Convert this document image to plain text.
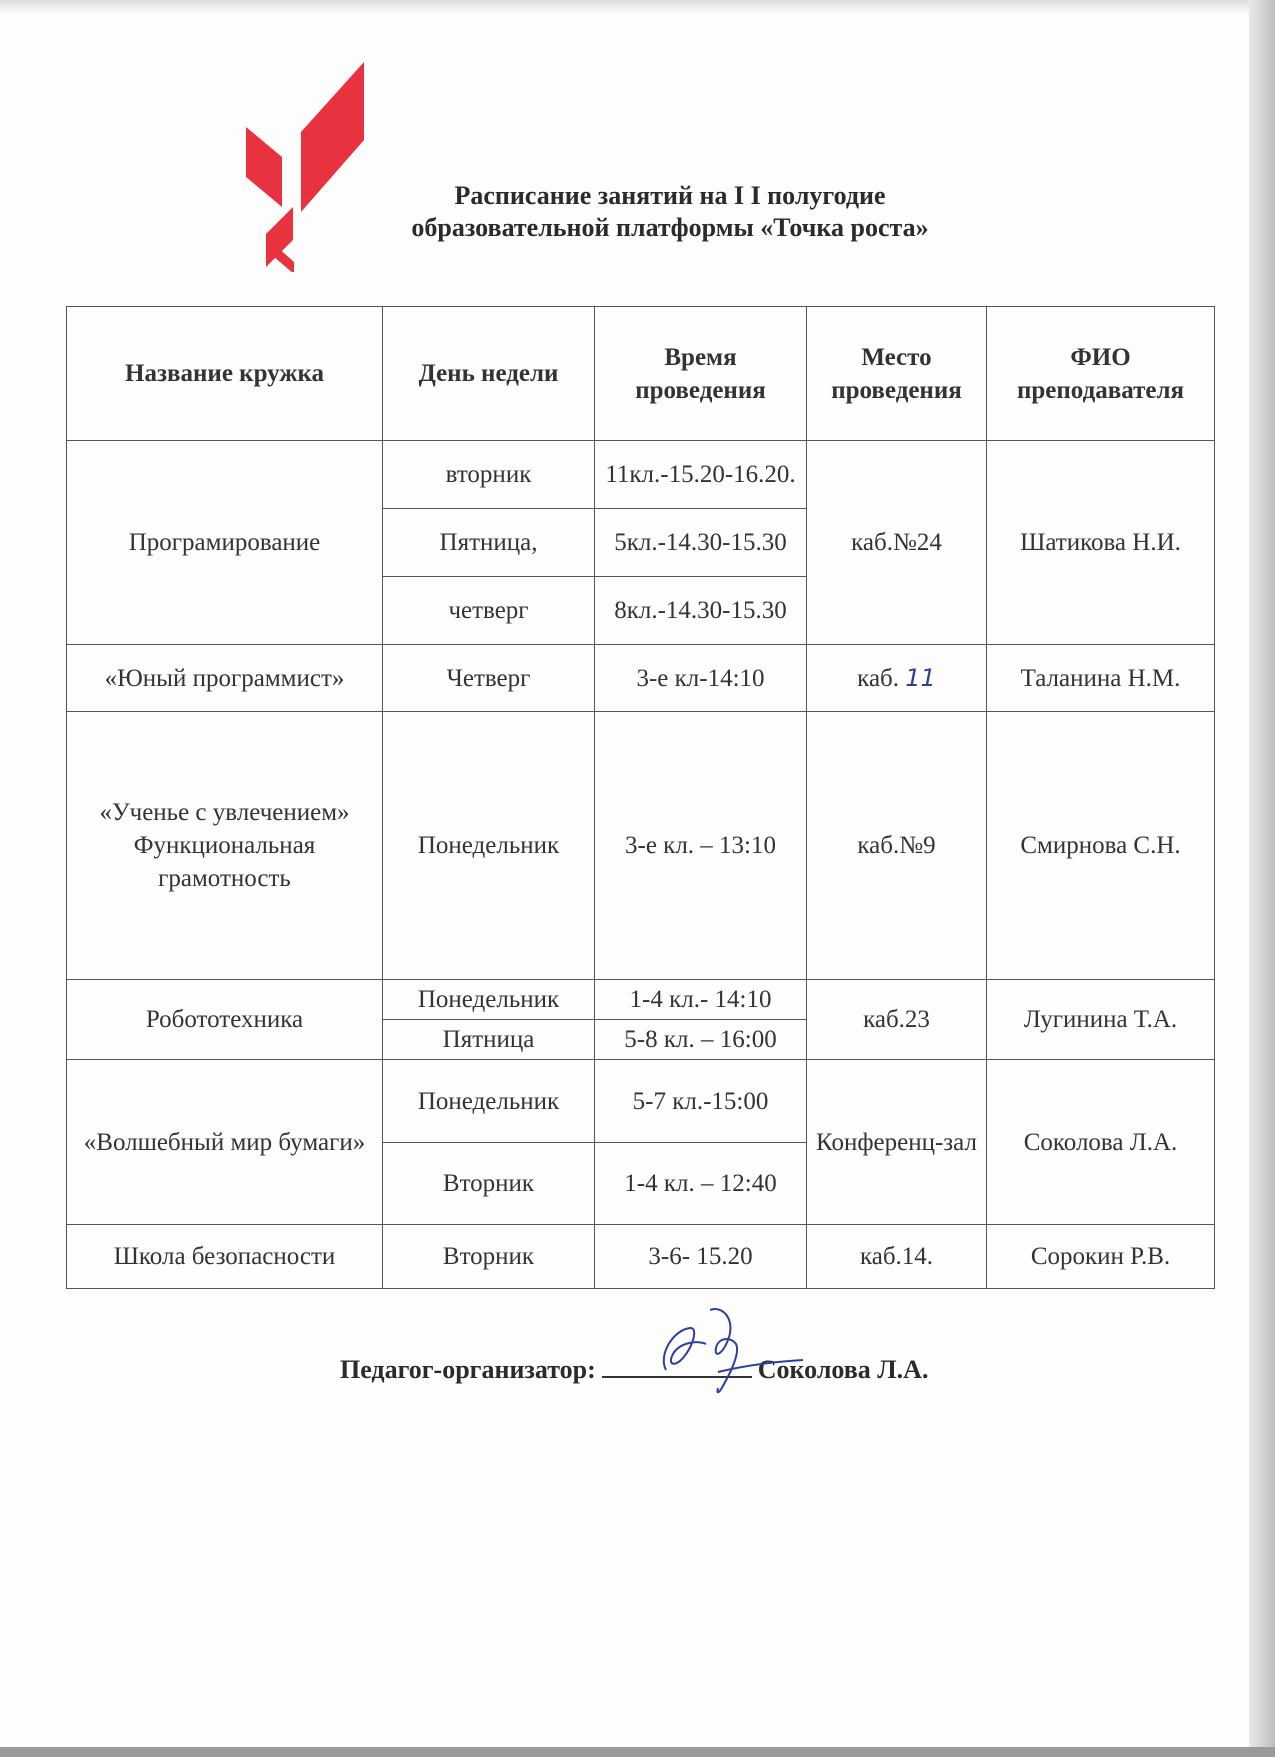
Расписание занятий на I I полугодие
образовательной платформы «Точка роста»
Название кружка	День недели	Время проведения	Место проведения	ФИО преподавателя
Програмирование	вторник	11кл.-15.20-16.20.	каб.№24	Шатикова Н.И.
	Пятница,	5кл.-14.30-15.30		
	четверг	8кл.-14.30-15.30		
«Юный программист»	Четверг	3-е кл-14:10	каб. 11	Таланина Н.М.
«Ученье с увлечением» Функциональная грамотность	Понедельник	3-е кл. – 13:10	каб.№9	Смирнова С.Н.
Робототехника	Понедельник	1-4 кл.- 14:10	каб.23	Лугинина Т.А.
	Пятница	5-8 кл. – 16:00		
«Волшебный мир бумаги»	Понедельник	5-7 кл.-15:00	Конференц-зал	Соколова Л.А.
	Вторник	1-4 кл. – 12:40		
Школа безопасности	Вторник	3-6- 15.20	каб.14.	Сорокин Р.В.
Педагог-организатор:	Соколова Л.А.
